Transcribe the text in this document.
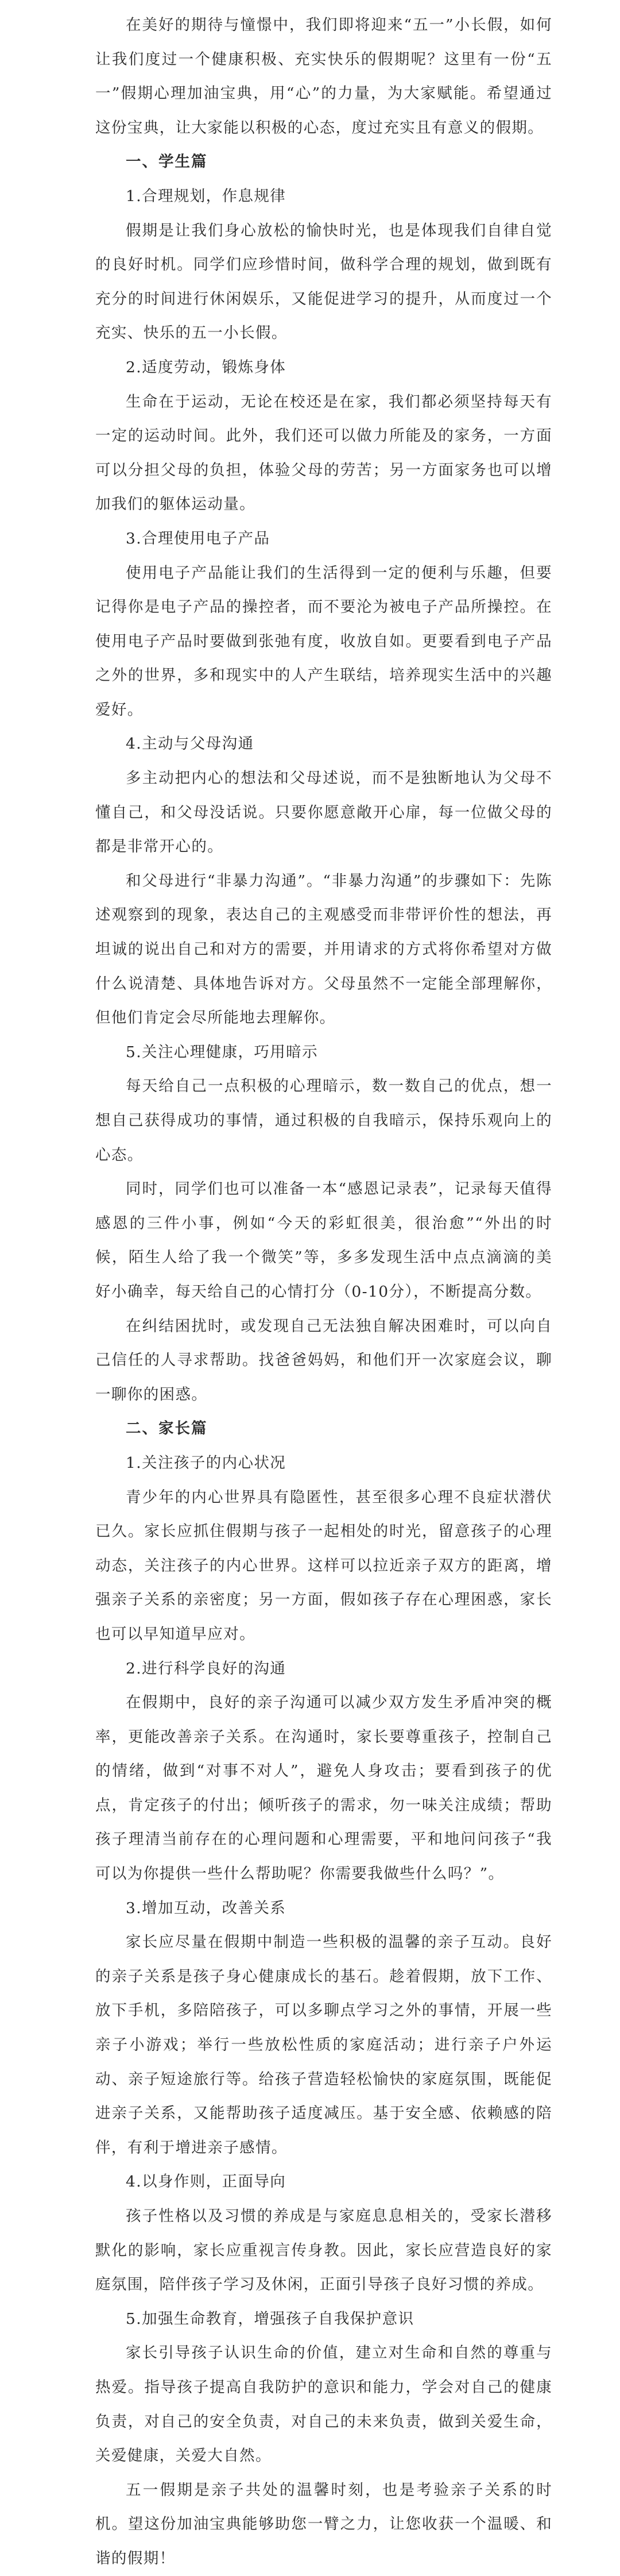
在美好的期待与憧憬中，我们即将迎来“五一”小长假，如何让我们度过一个健康积极、充实快乐的假期呢？这里有一份“五一”假期心理加油宝典，用“心”的力量，为大家赋能。希望通过这份宝典，让大家能以积极的心态，度过充实且有意义的假期。

一、学生篇

1.合理规划，作息规律

假期是让我们身心放松的愉快时光，也是体现我们自律自觉的良好时机。同学们应珍惜时间，做科学合理的规划，做到既有充分的时间进行休闲娱乐，又能促进学习的提升，从而度过一个充实、快乐的五一小长假。

2.适度劳动，锻炼身体

生命在于运动，无论在校还是在家，我们都必须坚持每天有一定的运动时间。此外，我们还可以做力所能及的家务，一方面可以分担父母的负担，体验父母的劳苦；另一方面家务也可以增加我们的躯体运动量。

3.合理使用电子产品

使用电子产品能让我们的生活得到一定的便利与乐趣，但要记得你是电子产品的操控者，而不要沦为被电子产品所操控。在使用电子产品时要做到张弛有度，收放自如。更要看到电子产品之外的世界，多和现实中的人产生联结，培养现实生活中的兴趣爱好。

4.主动与父母沟通

多主动把内心的想法和父母述说，而不是独断地认为父母不懂自己，和父母没话说。只要你愿意敞开心扉，每一位做父母的都是非常开心的。

和父母进行“非暴力沟通”。“非暴力沟通”的步骤如下：先陈述观察到的现象，表达自己的主观感受而非带评价性的想法，再坦诚的说出自己和对方的需要，并用请求的方式将你希望对方做什么说清楚、具体地告诉对方。父母虽然不一定能全部理解你，但他们肯定会尽所能地去理解你。

5.关注心理健康，巧用暗示

每天给自己一点积极的心理暗示，数一数自己的优点，想一想自己获得成功的事情，通过积极的自我暗示，保持乐观向上的心态。

同时，同学们也可以准备一本“感恩记录表”，记录每天值得感恩的三件小事，例如“今天的彩虹很美，很治愈”“外出的时候，陌生人给了我一个微笑”等，多多发现生活中点点滴滴的美好小确幸，每天给自己的心情打分（0-10分），不断提高分数。

在纠结困扰时，或发现自己无法独自解决困难时，可以向自己信任的人寻求帮助。找爸爸妈妈，和他们开一次家庭会议，聊一聊你的困惑。

二、家长篇

1.关注孩子的内心状况

青少年的内心世界具有隐匿性，甚至很多心理不良症状潜伏已久。家长应抓住假期与孩子一起相处的时光，留意孩子的心理动态，关注孩子的内心世界。这样可以拉近亲子双方的距离，增强亲子关系的亲密度；另一方面，假如孩子存在心理困惑，家长也可以早知道早应对。

2.进行科学良好的沟通

在假期中，良好的亲子沟通可以减少双方发生矛盾冲突的概率，更能改善亲子关系。在沟通时，家长要尊重孩子，控制自己的情绪，做到“对事不对人”，避免人身攻击；要看到孩子的优点，肯定孩子的付出；倾听孩子的需求，勿一味关注成绩；帮助孩子理清当前存在的心理问题和心理需要，平和地问问孩子“我可以为你提供一些什么帮助呢？你需要我做些什么吗？”。

3.增加互动，改善关系

家长应尽量在假期中制造一些积极的温馨的亲子互动。良好的亲子关系是孩子身心健康成长的基石。趁着假期，放下工作、放下手机，多陪陪孩子，可以多聊点学习之外的事情，开展一些亲子小游戏；举行一些放松性质的家庭活动；进行亲子户外运动、亲子短途旅行等。给孩子营造轻松愉快的家庭氛围，既能促进亲子关系，又能帮助孩子适度减压。基于安全感、依赖感的陪伴，有利于增进亲子感情。

4.以身作则，正面导向

孩子性格以及习惯的养成是与家庭息息相关的，受家长潜移默化的影响，家长应重视言传身教。因此，家长应营造良好的家庭氛围，陪伴孩子学习及休闲，正面引导孩子良好习惯的养成。

5.加强生命教育，增强孩子自我保护意识

家长引导孩子认识生命的价值，建立对生命和自然的尊重与热爱。指导孩子提高自我防护的意识和能力，学会对自己的健康负责，对自己的安全负责，对自己的未来负责，做到关爱生命，关爱健康，关爱大自然。

五一假期是亲子共处的温馨时刻，也是考验亲子关系的时机。望这份加油宝典能够助您一臂之力，让您收获一个温暖、和谐的假期！
